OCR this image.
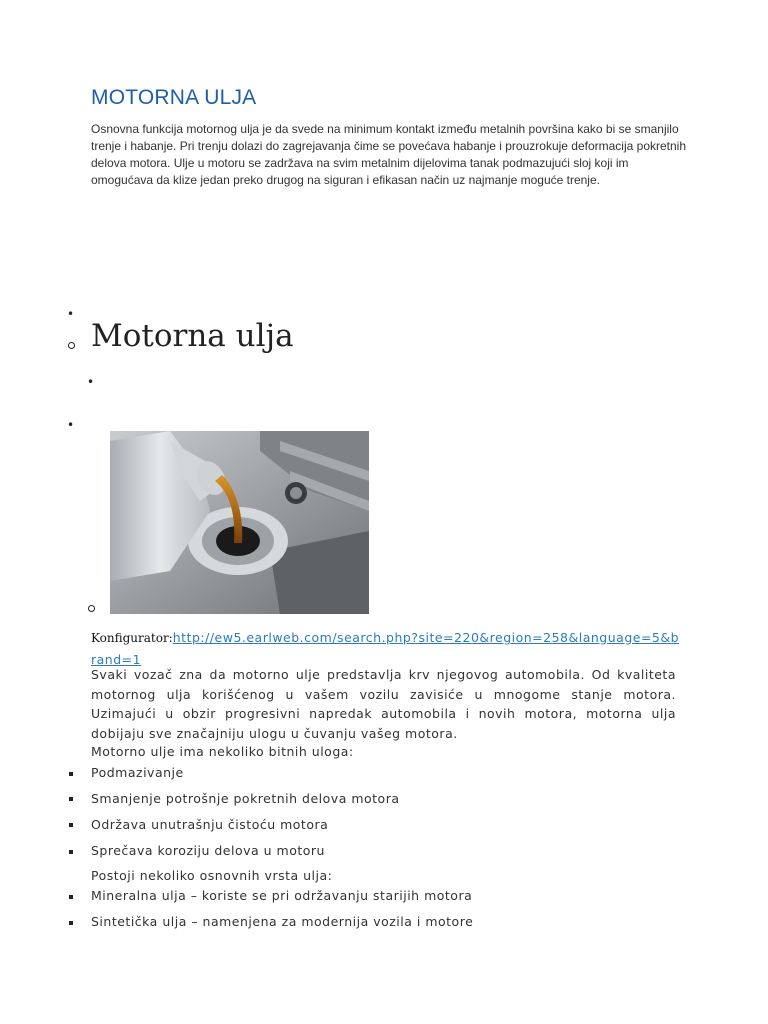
MOTORNA ULJA

Osnovna funkcija motornog ulja je da svede na minimum kontakt između metalnih površina kako bi se smanjilo trenje i habanje. Pri trenju dolazi do zagrejavanja čime se povećava habanje i prouzrokuje deformacija pokretnih delova motora. Ulje u motoru se zadržava na svim metalnim dijelovima tanak podmazujući sloj koji im omogućava da klize jedan preko drugog na siguran i efikasan način uz najmanje moguće trenje.

•
Motorna ulja
•
•
Konfigurator:http://ew5.earlweb.com/search.php?site=220&region=258&language=5&brand=1

Svaki vozač zna da motorno ulje predstavlja krv njegovog automobila. Od kvaliteta motornog ulja korišćenog u vašem vozilu zavisiće u mnogome stanje motora. Uzimajući u obzir progresivni napredak automobila i novih motora, motorna ulja dobijaju sve značajniju ulogu u čuvanju vašeg motora.

Motorno ulje ima nekoliko bitnih uloga:
Podmazivanje
Smanjenje potrošnje pokretnih delova motora
Održava unutrašnju čistoću motora
Sprečava koroziju delova u motoru
Postoji nekoliko osnovnih vrsta ulja:
Mineralna ulja – koriste se pri održavanju starijih motora
Sintetička ulja – namenjena za modernija vozila i motore
